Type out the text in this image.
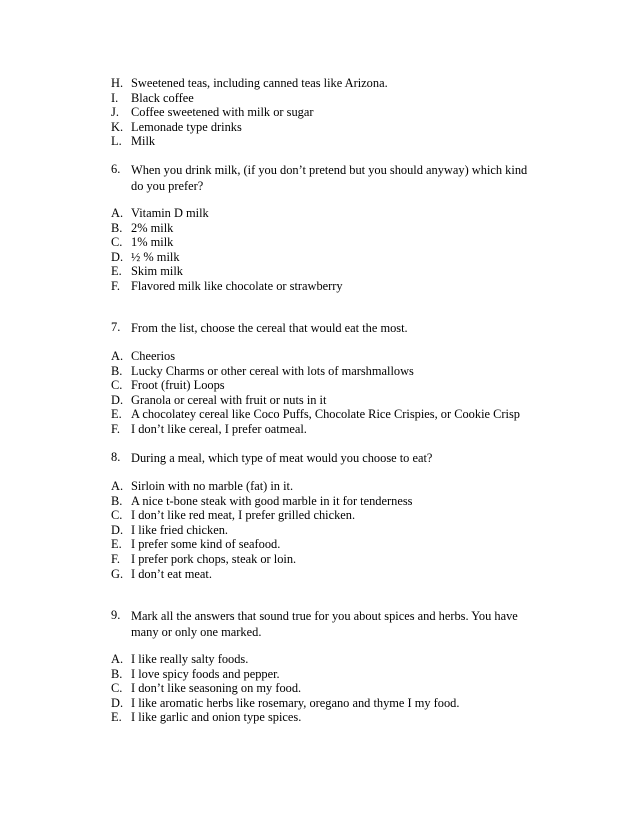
H. Sweetened teas, including canned teas like Arizona.
I.	Black coffee
J. Coffee sweetened with milk or sugar
K. Lemonade type drinks
L. Milk
6. When you drink milk, (if you don’t pretend but you should anyway) which kind do you prefer?
A. Vitamin D milk
B. 2% milk
C. 1% milk
D. ½ % milk
E. Skim milk
F. Flavored milk like chocolate or strawberry
7. From the list, choose the cereal that would eat the most.
A. Cheerios
B. Lucky Charms or other cereal with lots of marshmallows
C. Froot (fruit) Loops
D. Granola or cereal with fruit or nuts in it
E. A chocolatey cereal like Coco Puffs, Chocolate Rice Crispies, or Cookie Crisp
F. I don’t like cereal, I prefer oatmeal.
8. During a meal, which type of meat would you choose to eat?
A. Sirloin with no marble (fat) in it.
B. A nice t-bone steak with good marble in it for tenderness
C. I don’t like red meat, I prefer grilled chicken.
D. I like fried chicken.
E. I prefer some kind of seafood.
F. I prefer pork chops, steak or loin.
G. I don’t eat meat.
9. Mark all the answers that sound true for you about spices and herbs. You have many or only one marked.
A. I like really salty foods.
B. I love spicy foods and pepper.
C. I don’t like seasoning on my food.
D. I like aromatic herbs like rosemary, oregano and thyme I my food.
E. I like garlic and onion type spices.
